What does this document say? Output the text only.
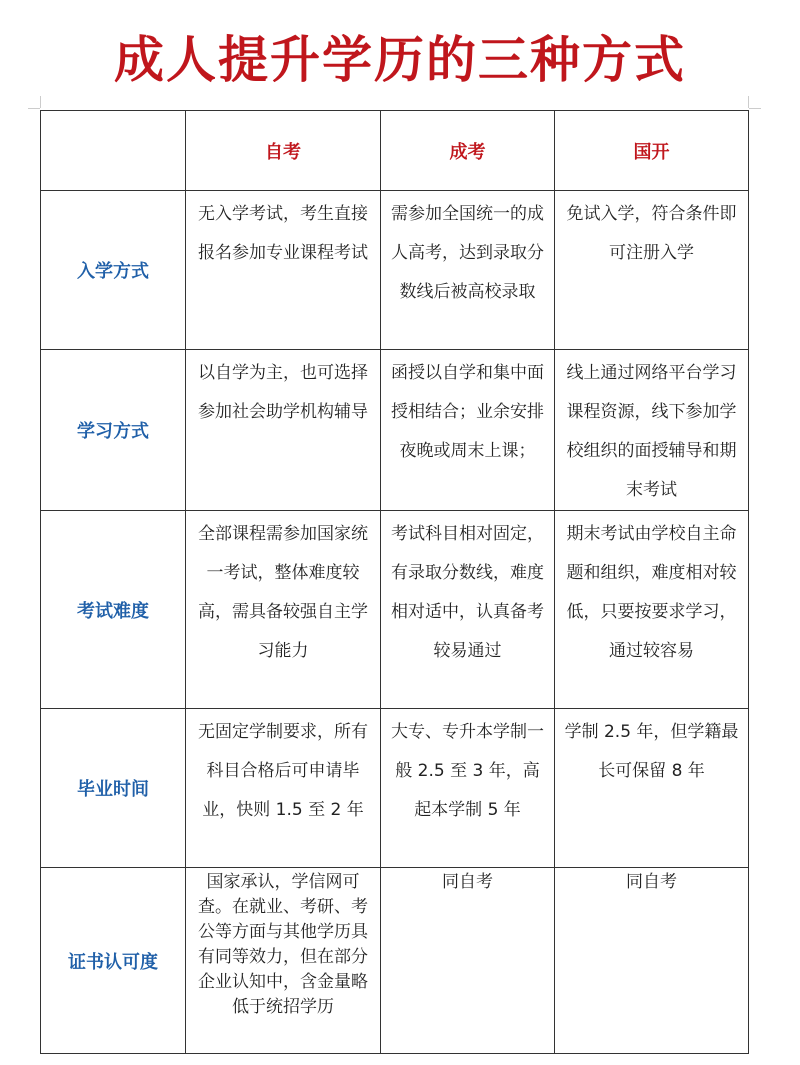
成人提升学历的三种方式
	自考	成考	国开
入学方式	无入学考试，考生直接报名参加专业课程考试	需参加全国统一的成人高考，达到录取分数线后被高校录取	免试入学，符合条件即可注册入学
学习方式	以自学为主，也可选择参加社会助学机构辅导	函授以自学和集中面授相结合；业余安排夜晚或周末上课；	线上通过网络平台学习课程资源，线下参加学校组织的面授辅导和期末考试
考试难度	全部课程需参加国家统一考试，整体难度较高，需具备较强自主学习能力	考试科目相对固定，有录取分数线，难度相对适中，认真备考较易通过	期末考试由学校自主命题和组织，难度相对较低，只要按要求学习，通过较容易
毕业时间	无固定学制要求，所有科目合格后可申请毕业，快则 1.5 至 2 年	大专、专升本学制一般 2.5 至 3 年，高起本学制 5 年	学制 2.5 年，但学籍最长可保留 8 年
证书认可度	国家承认，学信网可查。在就业、考研、考公等方面与其他学历具有同等效力，但在部分企业认知中，含金量略低于统招学历	同自考	同自考
